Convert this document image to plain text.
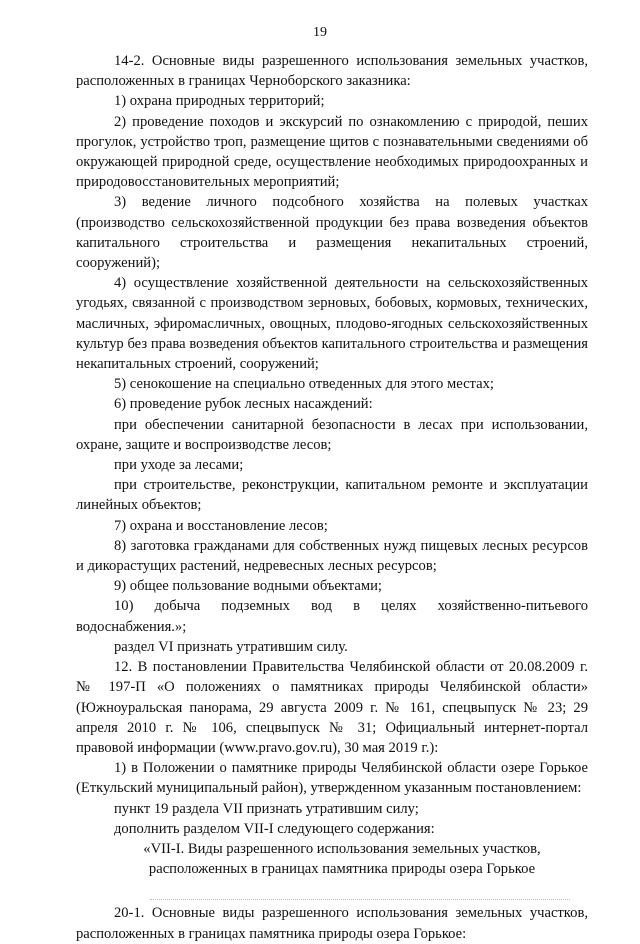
19

14-2. Основные виды разрешенного использования земельных участков, расположенных в границах Черноборского заказника:

1) охрана природных территорий;

2) проведение походов и экскурсий по ознакомлению с природой, пеших прогулок, устройство троп, размещение щитов с познавательными сведениями об окружающей природной среде, осуществление необходимых природоохранных и природовосстановительных мероприятий;

3) ведение личного подсобного хозяйства на полевых участках (производство сельскохозяйственной продукции без права возведения объектов капитального строительства и размещения некапитальных строений, сооружений);

4) осуществление хозяйственной деятельности на сельскохозяйственных угодьях, связанной с производством зерновых, бобовых, кормовых, технических, масличных, эфиромасличных, овощных, плодово-ягодных сельскохозяйственных культур без права возведения объектов капитального строительства и размещения некапитальных строений, сооружений;

5) сенокошение на специально отведенных для этого местах;

6) проведение рубок лесных насаждений:

при обеспечении санитарной безопасности в лесах при использовании, охране, защите и воспроизводстве лесов;

при уходе за лесами;

при строительстве, реконструкции, капитальном ремонте и эксплуатации линейных объектов;

7) охрана и восстановление лесов;

8) заготовка гражданами для собственных нужд пищевых лесных ресурсов и дикорастущих растений, недревесных лесных ресурсов;

9) общее пользование водными объектами;

10) добыча подземных вод в целях хозяйственно-питьевого водоснабжения.»;

раздел VI признать утратившим силу.

12. В постановлении Правительства Челябинской области от 20.08.2009 г. № 197-П «О положениях о памятниках природы Челябинской области» (Южноуральская панорама, 29 августа 2009 г. № 161, спецвыпуск № 23; 29 апреля 2010 г. № 106, спецвыпуск № 31; Официальный интернет-портал правовой информации (www.pravo.gov.ru), 30 мая 2019 г.):

1) в Положении о памятнике природы Челябинской области озере Горькое (Еткульский муниципальный район), утвержденном указанным постановлением:

пункт 19 раздела VII признать утратившим силу;

дополнить разделом VII-I следующего содержания:

«VII-I. Виды разрешенного использования земельных участков,

расположенных в границах памятника природы озера Горькое

20-1. Основные виды разрешенного использования земельных участков, расположенных в границах памятника природы озера Горькое:
